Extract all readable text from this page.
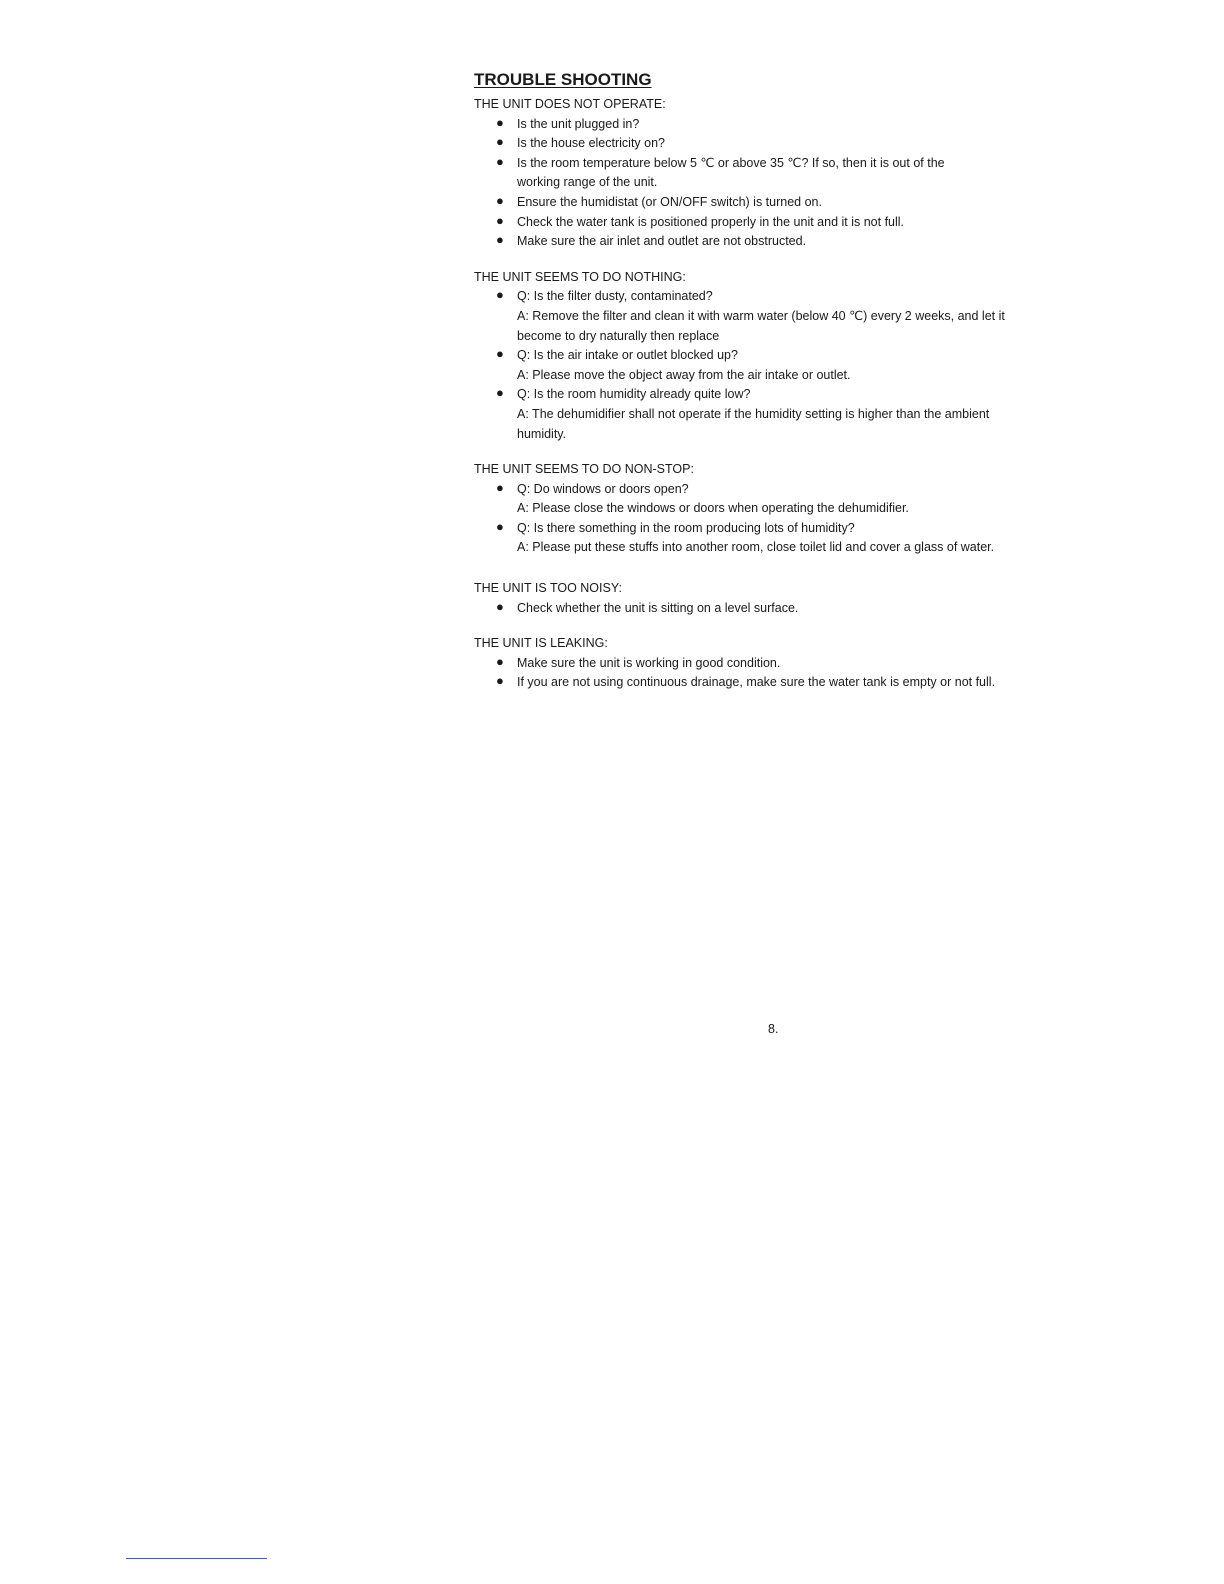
TROUBLE SHOOTING
THE UNIT DOES NOT OPERATE:
● Is the unit plugged in?
● Is the house electricity on?
● Is the room temperature below 5 ℃ or above 35 ℃? If so, then it is out of the
working range of the unit.
● Ensure the humidistat (or ON/OFF switch) is turned on.
● Check the water tank is positioned properly in the unit and it is not full.
● Make sure the air inlet and outlet are not obstructed.
THE UNIT SEEMS TO DO NOTHING:
● Q: Is the filter dusty, contaminated?
A: Remove the filter and clean it with warm water (below 40 ℃) every 2 weeks, and let it
become to dry naturally then replace
● Q: Is the air intake or outlet blocked up?
A: Please move the object away from the air intake or outlet.
● Q: Is the room humidity already quite low?
A: The dehumidifier shall not operate if the humidity setting is higher than the ambient
humidity.
THE UNIT SEEMS TO DO NON-STOP:
● Q: Do windows or doors open?
A: Please close the windows or doors when operating the dehumidifier.
● Q: Is there something in the room producing lots of humidity?
A: Please put these stuffs into another room, close toilet lid and cover a glass of water.
THE UNIT IS TOO NOISY:
● Check whether the unit is sitting on a level surface.
THE UNIT IS LEAKING:
● Make sure the unit is working in good condition.
● If you are not using continuous drainage, make sure the water tank is empty or not full.
8.
